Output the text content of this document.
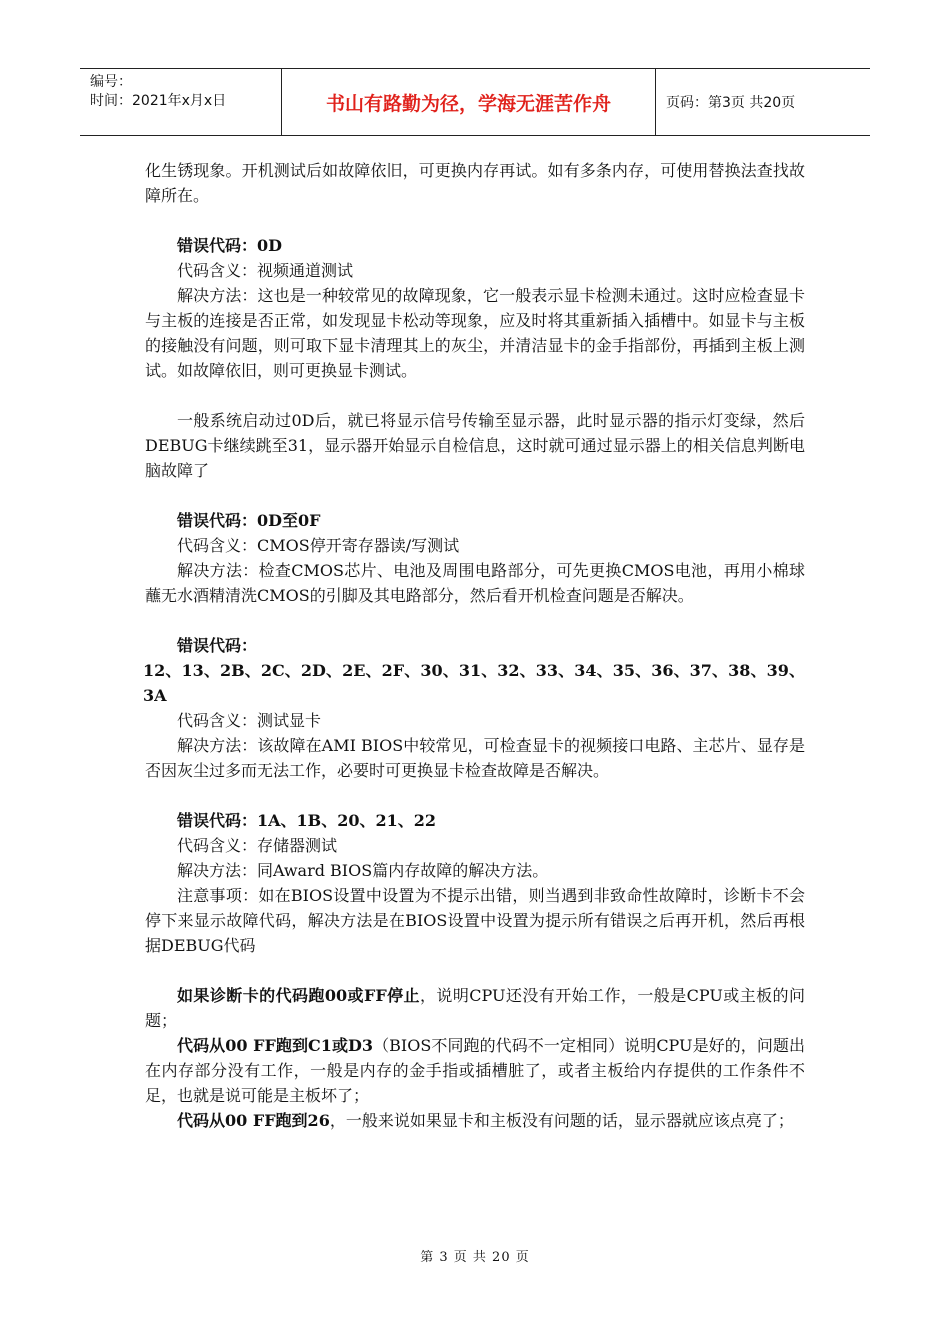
编号：
时间：2021年x月x日	书山有路勤为径，学海无涯苦作舟	页码：第3页 共20页

化生锈现象。开机测试后如故障依旧，可更换内存再试。如有多条内存，可使用替换法查找故障所在。

错误代码：0D

代码含义：视频通道测试

解决方法：这也是一种较常见的故障现象，它一般表示显卡检测未通过。这时应检查显卡与主板的连接是否正常，如发现显卡松动等现象，应及时将其重新插入插槽中。如显卡与主板的接触没有问题，则可取下显卡清理其上的灰尘，并清洁显卡的金手指部份，再插到主板上测试。如故障依旧，则可更换显卡测试。

一般系统启动过0D后，就已将显示信号传输至显示器，此时显示器的指示灯变绿，然后DEBUG卡继续跳至31，显示器开始显示自检信息，这时就可通过显示器上的相关信息判断电脑故障了

错误代码：0D至0F

代码含义：CMOS停开寄存器读/写测试

解决方法：检查CMOS芯片、电池及周围电路部分，可先更换CMOS电池，再用小棉球蘸无水酒精清洗CMOS的引脚及其电路部分，然后看开机检查问题是否解决。

错误代码：

12、13、2B、2C、2D、2E、2F、30、31、32、33、34、35、36、37、38、39、3A

代码含义：测试显卡

解决方法：该故障在AMI BIOS中较常见，可检查显卡的视频接口电路、主芯片、显存是否因灰尘过多而无法工作，必要时可更换显卡检查故障是否解决。

错误代码：1A、1B、20、21、22

代码含义：存储器测试

解决方法：同Award BIOS篇内存故障的解决方法。

注意事项：如在BIOS设置中设置为不提示出错，则当遇到非致命性故障时，诊断卡不会停下来显示故障代码，解决方法是在BIOS设置中设置为提示所有错误之后再开机，然后再根据DEBUG代码

如果诊断卡的代码跑00或FF停止，说明CPU还没有开始工作，一般是CPU或主板的问题；

代码从00 FF跑到C1或D3（BIOS不同跑的代码不一定相同）说明CPU是好的，问题出在内存部分没有工作，一般是内存的金手指或插槽脏了，或者主板给内存提供的工作条件不足，也就是说可能是主板坏了；

代码从00 FF跑到26，一般来说如果显卡和主板没有问题的话，显示器就应该点亮了；

第 3 页 共 20 页
